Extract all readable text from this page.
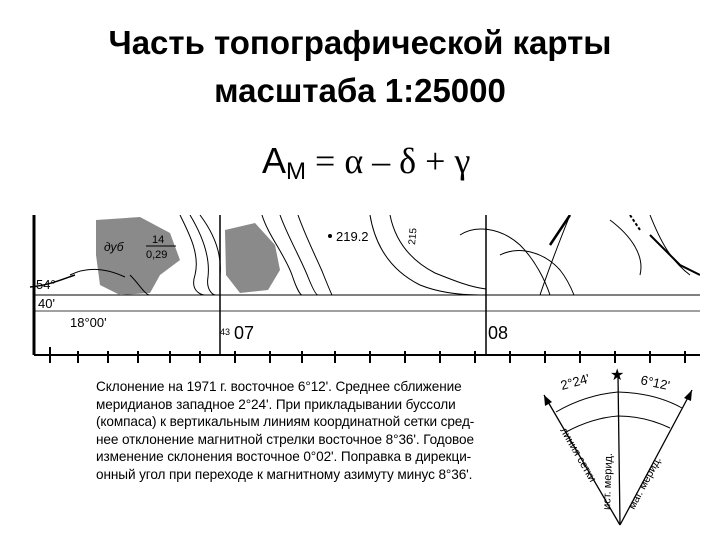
Часть топографической карты
масштаба 1:25000
$А_М = \alpha - \delta + \gamma$
219.2	215
дуб	14
0,29
54°
40'
18°00'
43 07	08
Склонение на 1971 г. восточное 6°12'. Среднее сближение
меридианов западное 2°24'. При прикладывании буссоли
(компаса) к вертикальным линиям координатной сетки сред-
нее отклонение магнитной стрелки восточное 8°36'. Годовое
изменение склонения восточное 0°02'. Поправка в дирекци-
онный угол при переходе к магнитному азимуту минус 8°36'.
★
2°24'	6°12'
линия сетки ист. мерид. маг. мерид.
